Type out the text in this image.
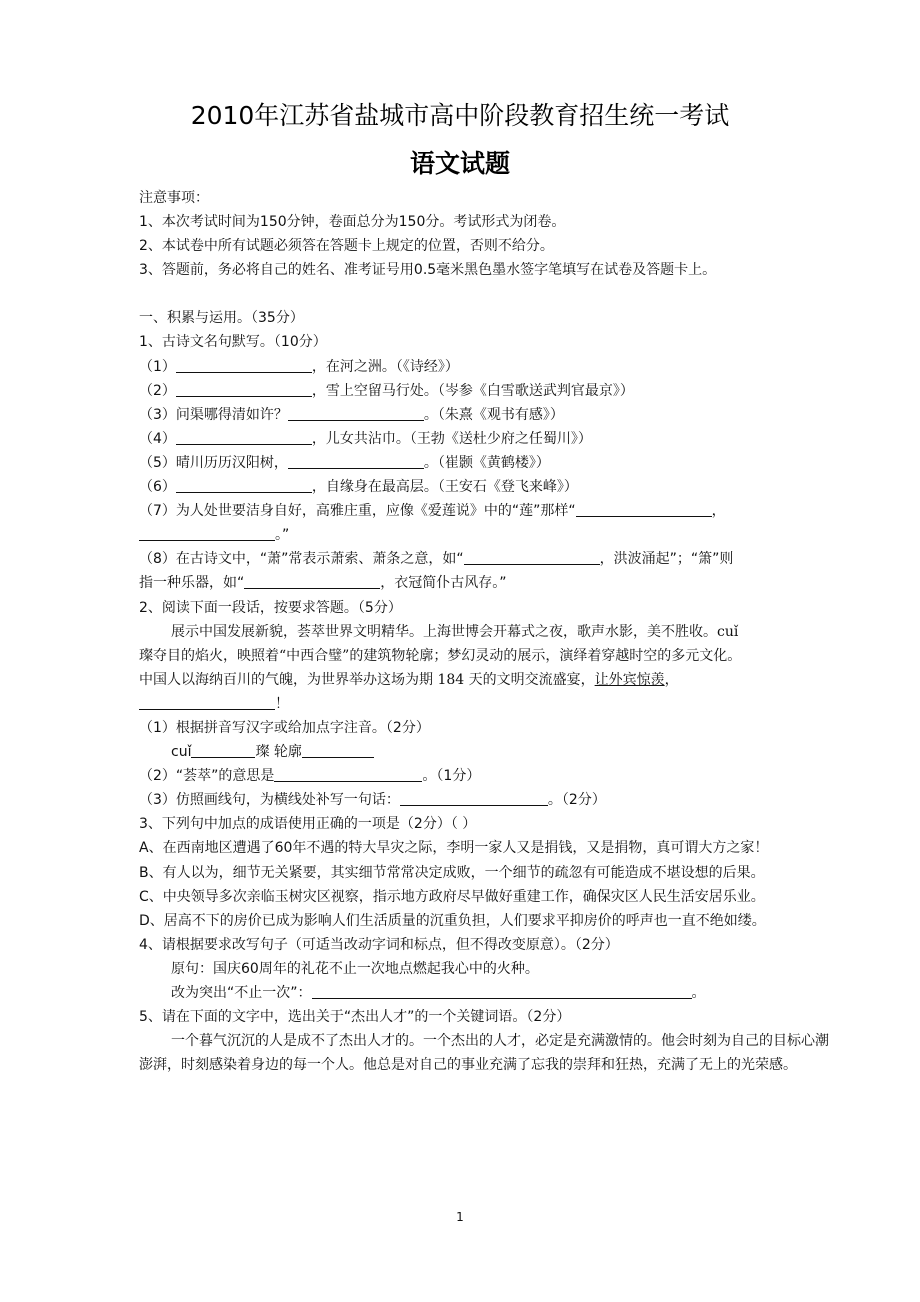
2010年江苏省盐城市高中阶段教育招生统一考试
语文试题
注意事项：
1、本次考试时间为150分钟，卷面总分为150分。考试形式为闭卷。
2、本试卷中所有试题必须答在答题卡上规定的位置，否则不给分。
3、答题前，务必将自己的姓名、准考证号用0.5毫米黑色墨水签字笔填写在试卷及答题卡上。
一、积累与运用。（35分）
1、古诗文名句默写。（10分）
（1）	，在河之洲。（《诗经》）
（2）	，雪上空留马行处。（岑参《白雪歌送武判官最京》）
（3）问渠哪得清如许？	。（朱熹《观书有感》）
（4）	，儿女共沾巾。（王勃《送杜少府之任蜀川》）
（5）晴川历历汉阳树，	。（崔颢《黄鹤楼》）
（6）	，自缘身在最高层。（王安石《登飞来峰》）
（7）为人处世要洁身自好，高雅庄重，应像《爱莲说》中的“莲”那样“	，
。”
（8）在古诗文中，“萧”常表示萧索、萧条之意，如“	，洪波涌起”；“箫”则
指一种乐器，如“	，衣冠简仆古风存。”
2、阅读下面一段话，按要求答题。（5分）
展示中国发展新貌，荟萃世界文明精华。上海世博会开幕式之夜，歌声水影，美不胜收。cuǐ
璨夺目的焰火，映照着“中西合璧”的建筑物轮廓；梦幻灵动的展示，演绎着穿越时空的多元文化。
中国人以海纳百川的气魄，为世界举办这场为期 184 天的文明交流盛宴，让外宾惊羡，
！
（1）根据拼音写汉字或给加点字注音。（2分）
cuǐ	璨 轮廓
（2）“荟萃”的意思是	。（1分）
（3）仿照画线句，为横线处补写一句话：	。（2分）
3、下列句中加点的成语使用正确的一项是（2分）（ ）
A、在西南地区遭遇了60年不遇的特大旱灾之际，李明一家人又是捐钱，又是捐物，真可谓大方之家！
B、有人以为，细节无关紧要，其实细节常常决定成败，一个细节的疏忽有可能造成不堪设想的后果。
C、中央领导多次亲临玉树灾区视察，指示地方政府尽早做好重建工作，确保灾区人民生活安居乐业。
D、居高不下的房价已成为影响人们生活质量的沉重负担，人们要求平抑房价的呼声也一直不绝如缕。
4、请根据要求改写句子（可适当改动字词和标点，但不得改变原意）。（2分）
原句：国庆60周年的礼花不止一次地点燃起我心中的火种。
改为突出“不止一次”：	。
5、请在下面的文字中，选出关于“杰出人才”的一个关键词语。（2分）
一个暮气沉沉的人是成不了杰出人才的。一个杰出的人才，必定是充满激情的。他会时刻为自己的目标心潮澎湃，时刻感染着身边的每一个人。他总是对自己的事业充满了忘我的崇拜和狂热，充满了无上的光荣感。
1
